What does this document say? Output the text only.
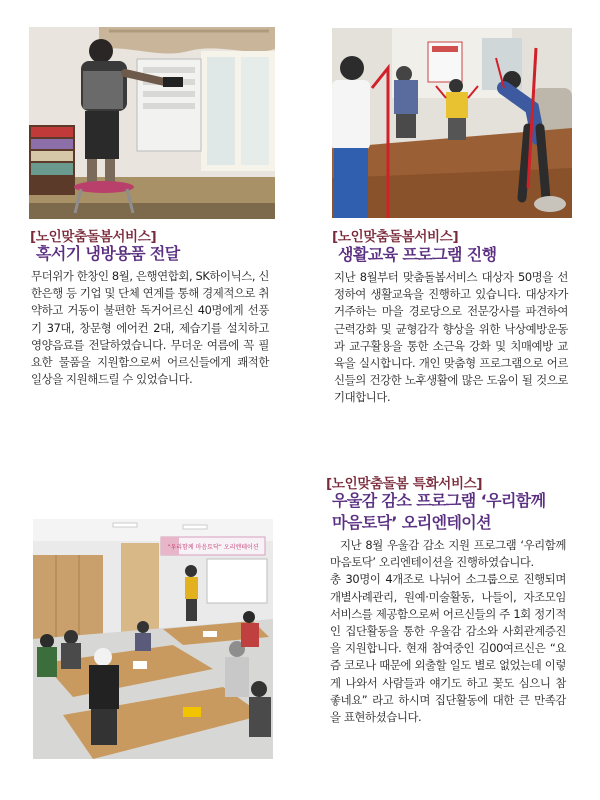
[노인맞춤돌봄서비스]
혹서기 냉방용품 전달
무더위가 한창인 8월, 은행연합회, SK하이닉스, 신한은행 등 기업 및 단체 연계를 통해 경제적으로 취약하고 거동이 불편한 독거어르신 40명에게 선풍기 37대, 창문형 에어컨 2대, 제습기를 설치하고 영양음료를 전달하였습니다. 무더운 여름에 꼭 필요한 물품을 지원함으로써 어르신들에게 쾌적한 일상을 지원해드릴 수 있었습니다.
[노인맞춤돌봄서비스]
생활교육 프로그램 진행
지난 8월부터 맞춤돌봄서비스 대상자 50명을 선정하여 생활교육을 진행하고 있습니다. 대상자가 거주하는 마을 경로당으로 전문강사를 파견하여 근력강화 및 균형감각 향상을 위한 낙상예방운동과 교구활용을 통한 소근육 강화 및 치매예방 교육을 실시합니다. 개인 맞춤형 프로그램으로 어르신들의 건강한 노후생활에 많은 도움이 될 것으로 기대합니다.
“우리함께 마음토닥” 오리엔테이션
[노인맞춤돌봄 특화서비스]
우울감 감소 프로그램 ‘우리함께
마음토닥’ 오리엔테이션

지난 8월 우울감 감소 지원 프로그램 ‘우리함께 마음토닥’ 오리엔테이션을 진행하였습니다.

총 30명이 4개조로 나뉘어 소그룹으로 진행되며 개별사례관리, 원예·미술활동, 나들이, 자조모임 서비스를 제공함으로써 어르신들의 주 1회 정기적인 집단활동을 통한 우울감 감소와 사회관계증진을 지원합니다. 현재 참여중인 김00여르신은 “요즘 코로나 때문에 외출할 일도 별로 없었는데 이렇게 나와서 사람들과 얘기도 하고 꽃도 심으니 참 좋네요” 라고 하시며 집단활동에 대한 큰 만족감을 표현하셨습니다.
